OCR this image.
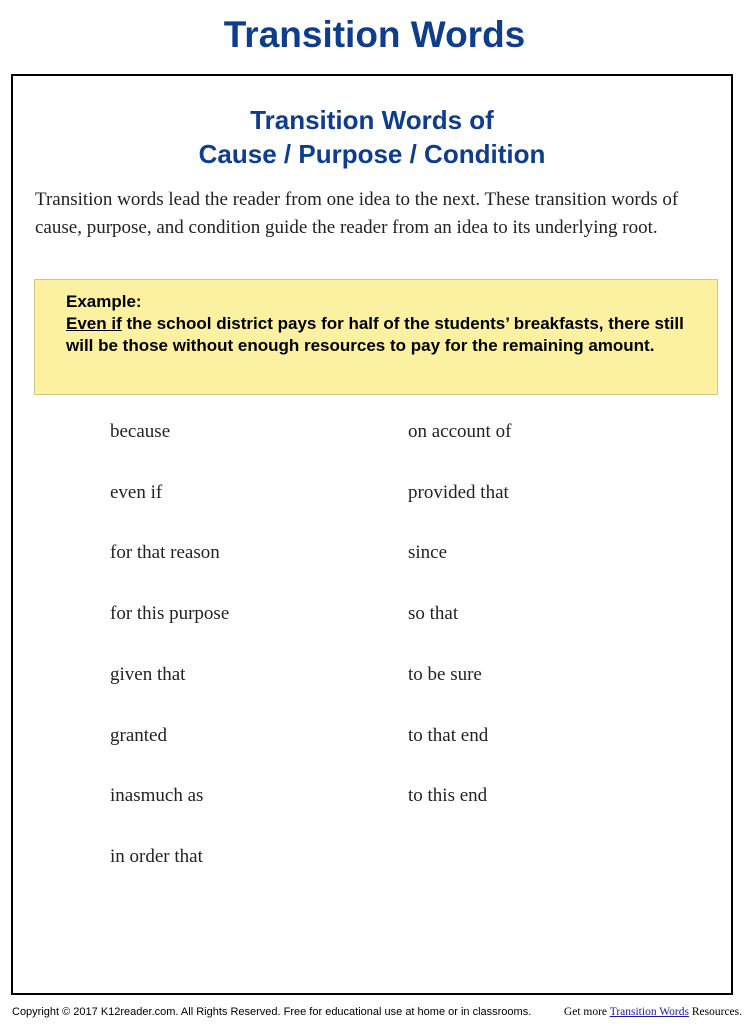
Transition Words
Transition Words of
Cause / Purpose / Condition
Transition words lead the reader from one idea to the next. These transition words of cause, purpose, and condition guide the reader from an idea to its underlying root.
Example:
Even if the school district pays for half of the students’ breakfasts, there still will be those without enough resources to pay for the remaining amount.
because
even if
for that reason
for this purpose
given that
granted
inasmuch as
in order that
on account of
provided that
since
so that
to be sure
to that end
to this end
Copyright © 2017 K12reader.com. All Rights Reserved. Free for educational use at home or in classrooms.	Get more Transition Words Resources.
